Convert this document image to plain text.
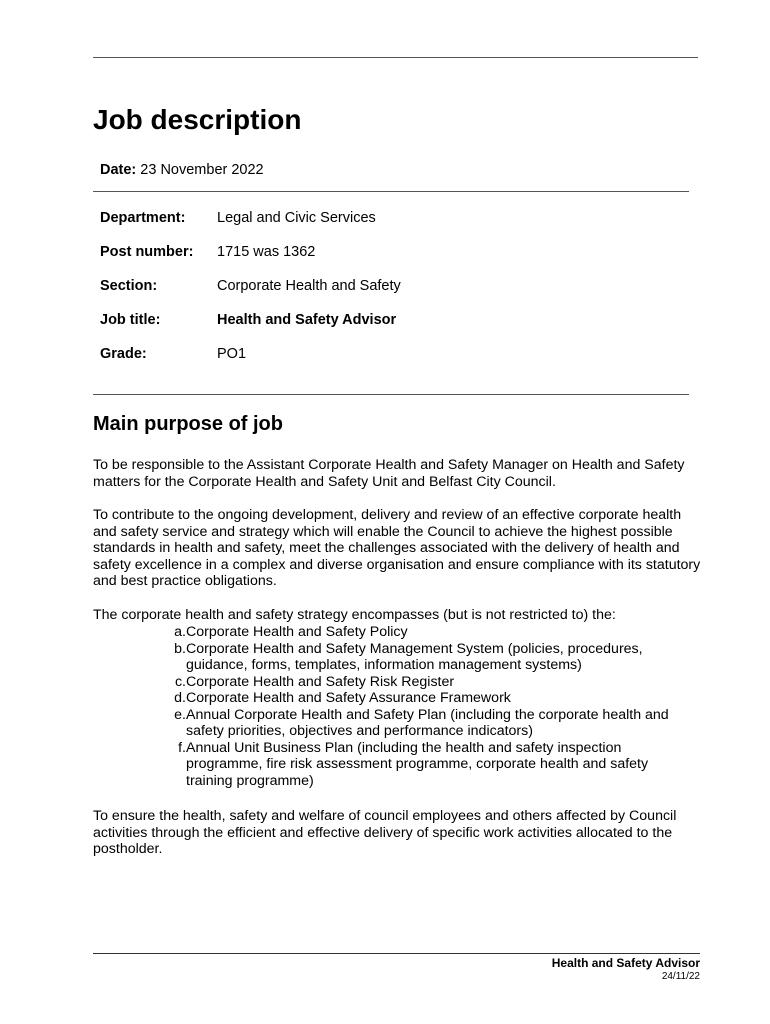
Job description
Date: 23 November 2022
Department:	Legal and Civic Services
Post number:	1715 was 1362
Section:	Corporate Health and Safety
Job title:	Health and Safety Advisor
Grade:	PO1
Main purpose of job

To be responsible to the Assistant Corporate Health and Safety Manager on Health and Safety matters for the Corporate Health and Safety Unit and Belfast City Council.

To contribute to the ongoing development, delivery and review of an effective corporate health and safety service and strategy which will enable the Council to achieve the highest possible standards in health and safety, meet the challenges associated with the delivery of health and safety excellence in a complex and diverse organisation and ensure compliance with its statutory and best practice obligations.

The corporate health and safety strategy encompasses (but is not restricted to) the:

a. Corporate Health and Safety Policy
b. Corporate Health and Safety Management System (policies, procedures, guidance, forms, templates, information management systems)
c. Corporate Health and Safety Risk Register
d. Corporate Health and Safety Assurance Framework
e. Annual Corporate Health and Safety Plan (including the corporate health and safety priorities, objectives and performance indicators)
f. Annual Unit Business Plan (including the health and safety inspection programme, fire risk assessment programme, corporate health and safety training programme)

To ensure the health, safety and welfare of council employees and others affected by Council activities through the efficient and effective delivery of specific work activities allocated to the postholder.

Health and Safety Advisor
24/11/22
